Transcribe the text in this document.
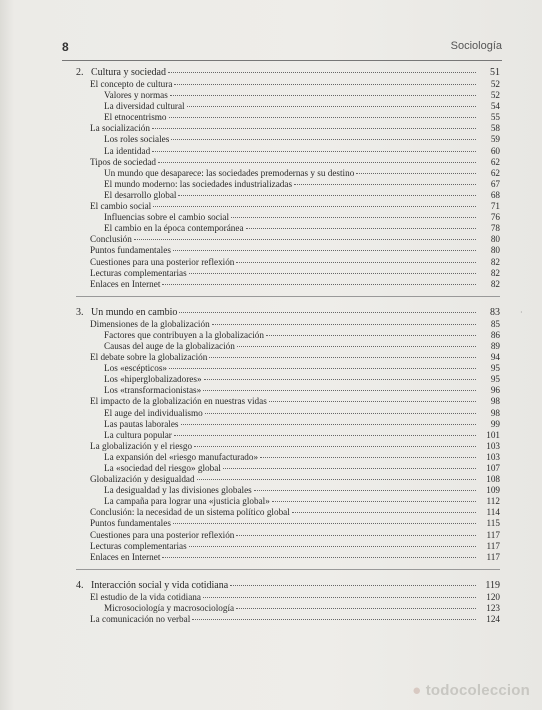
8	Sociología
2. Cultura y sociedad	51
El concepto de cultura	52
Valores y normas	52
La diversidad cultural	54
El etnocentrismo	55
La socialización	58
Los roles sociales	59
La identidad	60
Tipos de sociedad	62
Un mundo que desaparece: las sociedades premodernas y su destino	62
El mundo moderno: las sociedades industrializadas	67
El desarrollo global	68
El cambio social	71
Influencias sobre el cambio social	76
El cambio en la época contemporánea	78
Conclusión	80
Puntos fundamentales	80
Cuestiones para una posterior reflexión	82
Lecturas complementarias	82
Enlaces en Internet	82
3. Un mundo en cambio	83
Dimensiones de la globalización	85
Factores que contribuyen a la globalización	86
Causas del auge de la globalización	89
El debate sobre la globalización	94
Los «escépticos»	95
Los «hiperglobalizadores»	95
Los «transformacionistas»	96
El impacto de la globalización en nuestras vidas	98
El auge del individualismo	98
Las pautas laborales	99
La cultura popular	101
La globalización y el riesgo	103
La expansión del «riesgo manufacturado»	103
La «sociedad del riesgo» global	107
Globalización y desigualdad	108
La desigualdad y las divisiones globales	109
La campaña para lograr una «justicia global»	112
Conclusión: la necesidad de un sistema político global	114
Puntos fundamentales	115
Cuestiones para una posterior reflexión	117
Lecturas complementarias	117
Enlaces en Internet	117
4. Interacción social y vida cotidiana	119
El estudio de la vida cotidiana	120
Microsociología y macrosociología	123
La comunicación no verbal	124
·
● todocoleccion
